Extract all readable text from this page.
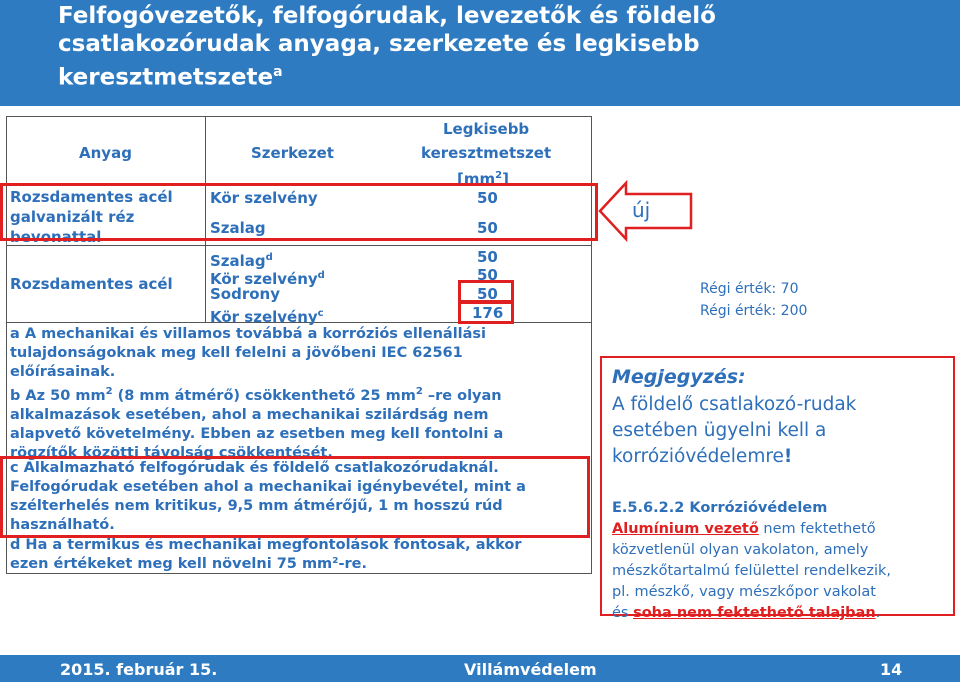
Felfogóvezetők, felfogórudak, levezetők és földelő
csatlakozórudak anyaga, szerkezete és legkisebb
keresztmetszete$^a$
Anyag	Szerkezet
Legkisebb
keresztmetszet
$[mm^2]$
Rozsdamentes acél
galvanizált réz
bevonattal
Kör szelvény	50
Szalag	50
Rozsdamentes acél
Szalag$^d$	50
Kör szelvény$^d$	50
Sodrony	50
Kör szelvény$^c$	176
a A mechanikai és villamos továbbá a korróziós ellenállási
tulajdonságoknak meg kell felelni a jövőbeni IEC 62561
előírásainak.
b Az 50 $mm^2$ (8 mm átmérő) csökkenthető 25 $mm^2$ –re olyan
alkalmazások esetében, ahol a mechanikai szilárdság nem
alapvető követelmény. Ebben az esetben meg kell fontolni a
rögzítők közötti távolság csökkentését.
c Alkalmazható felfogórudak és földelő csatlakozórudaknál.
Felfogórudak esetében ahol a mechanikai igénybevétel, mint a
szélterhelés nem kritikus, 9,5 mm átmérőjű, 1 m hosszú rúd
használható.
d Ha a termikus és mechanikai megfontolások fontosak, akkor
ezen értékeket meg kell növelni 75 mm²-re.
új
Régi érték: 70
Régi érték: 200
Megjegyzés:
A földelő csatlakozó-rudak
esetében ügyelni kell a
korrózióvédelemre!
E.5.6.2.2 Korrózióvédelem
Alumínium vezető nem fektethető
közvetlenül olyan vakolaton, amely
mészkőtartalmú felülettel rendelkezik,
pl. mészkő, vagy mészkőpor vakolat
és soha nem fektethető talajban.
2015. február 15.	Villámvédelem	14
